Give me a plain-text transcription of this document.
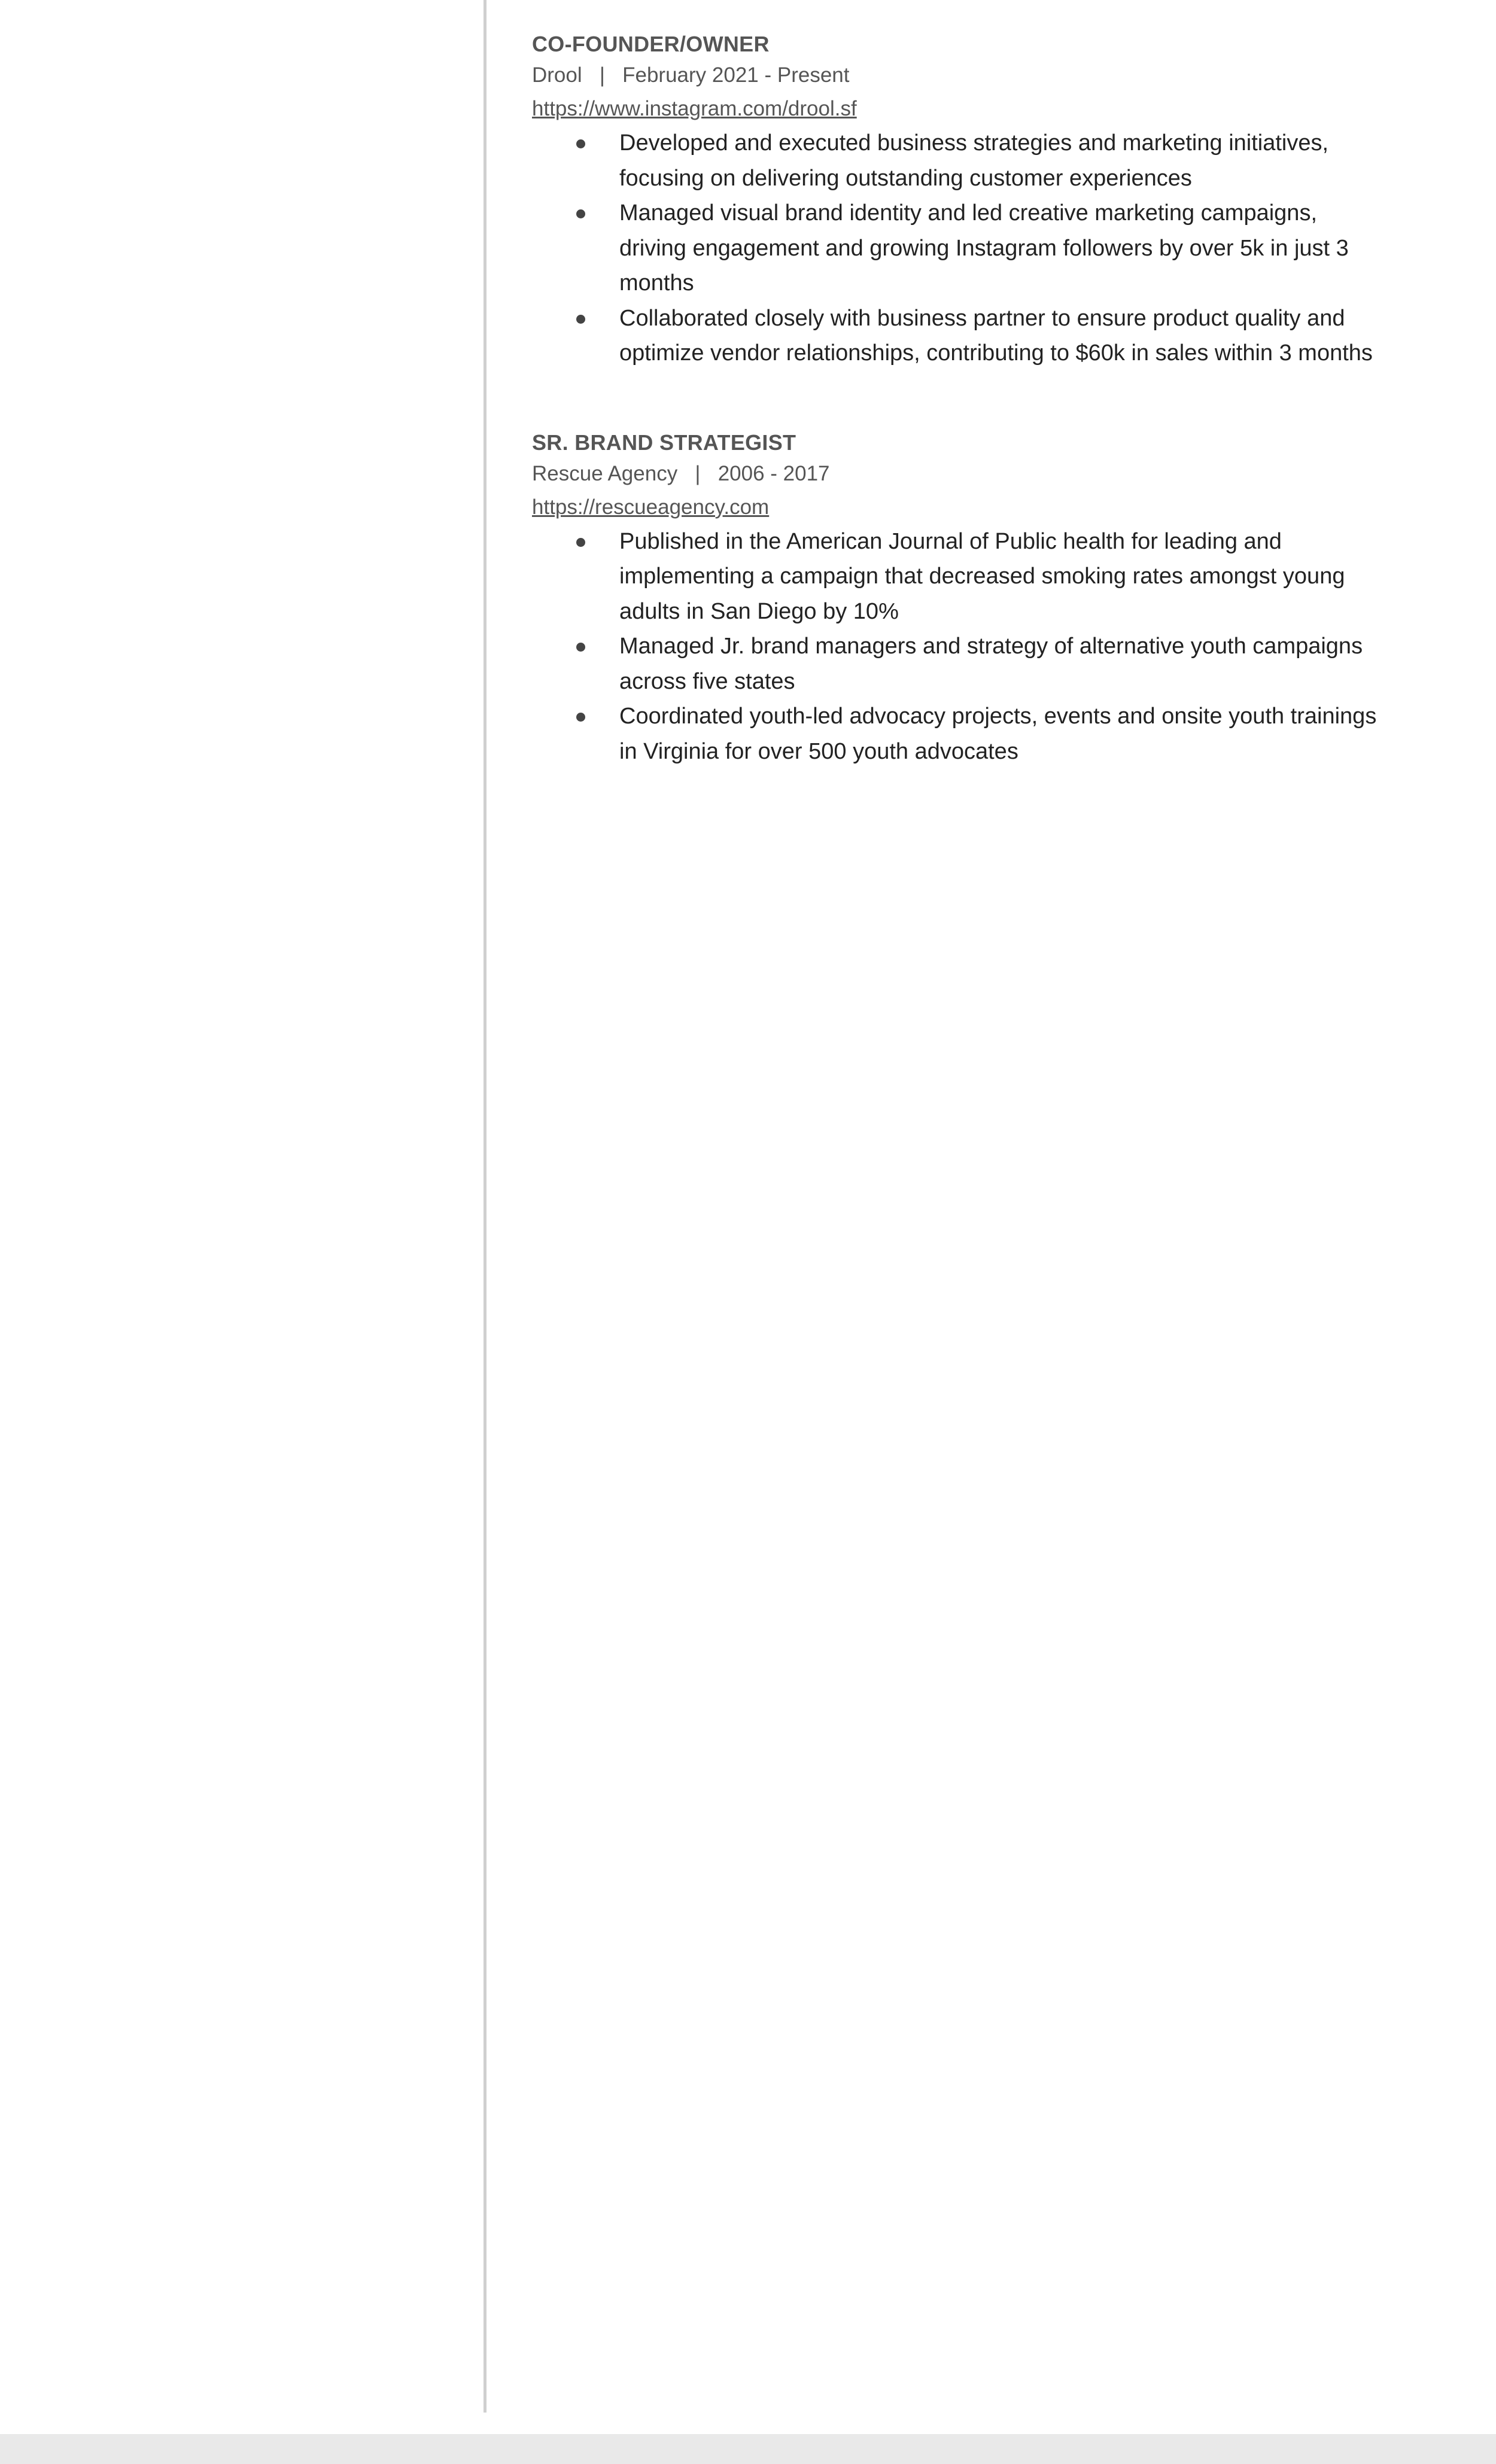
CO-FOUNDER/OWNER
Drool | February 2021 - Present
https://www.instagram.com/drool.sf
Developed and executed business strategies and marketing initiatives, focusing on delivering outstanding customer experiences
Managed visual brand identity and led creative marketing campaigns, driving engagement and growing Instagram followers by over 5k in just 3 months
Collaborated closely with business partner to ensure product quality and optimize vendor relationships, contributing to $60k in sales within 3 months
SR. BRAND STRATEGIST
Rescue Agency | 2006 - 2017
https://rescueagency.com
Published in the American Journal of Public health for leading and implementing a campaign that decreased smoking rates amongst young adults in San Diego by 10%
Managed Jr. brand managers and strategy of alternative youth campaigns across five states
Coordinated youth-led advocacy projects, events and onsite youth trainings in Virginia for over 500 youth advocates
